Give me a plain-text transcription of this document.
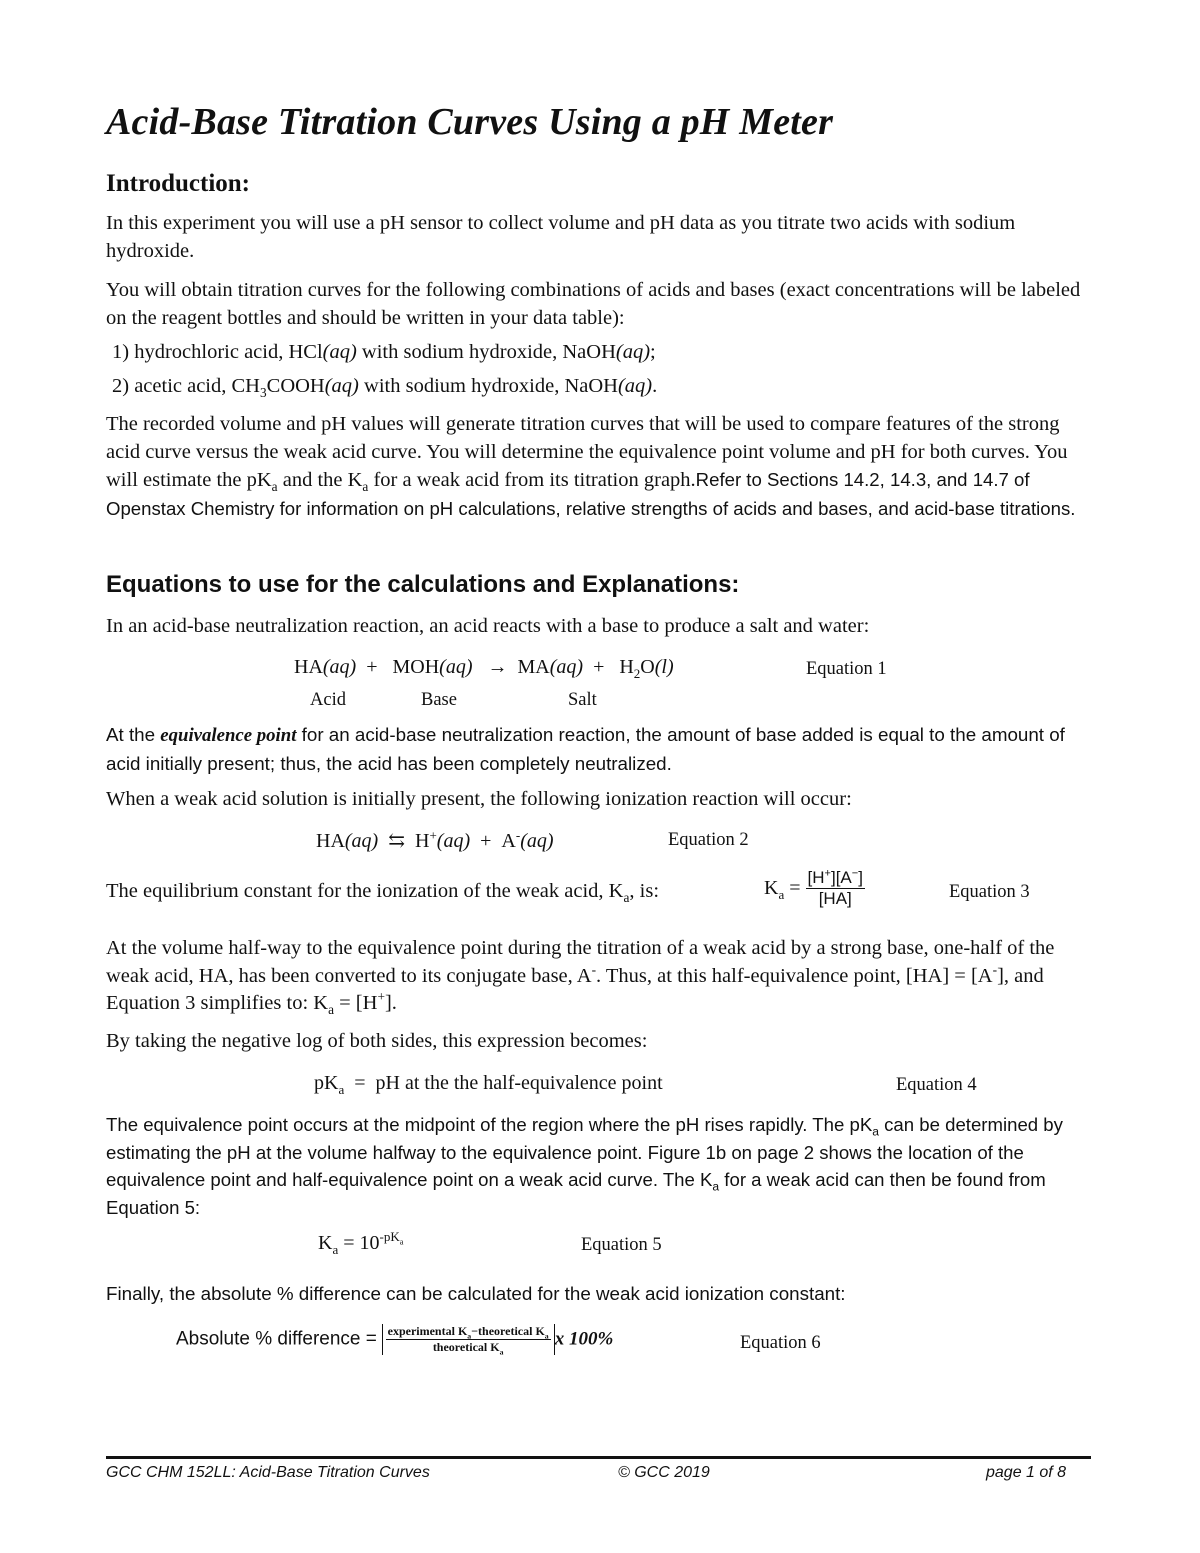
Acid-Base Titration Curves Using a pH Meter
Introduction:
In this experiment you will use a pH sensor to collect volume and pH data as you titrate two acids with sodium hydroxide.
You will obtain titration curves for the following combinations of acids and bases (exact concentrations will be labeled on the reagent bottles and should be written in your data table):
1) hydrochloric acid, HCl(aq) with sodium hydroxide, NaOH(aq);
2) acetic acid, $CH_3COOH(aq)$ with sodium hydroxide, NaOH(aq).
The recorded volume and pH values will generate titration curves that will be used to compare features of the strong acid curve versus the weak acid curve. You will determine the equivalence point volume and pH for both curves. You will estimate the $pK_a$ and the $K_a$ for a weak acid from its titration graph.Refer to Sections 14.2, 14.3, and 14.7 of Openstax Chemistry for information on pH calculations, relative strengths of acids and bases, and acid-base titrations.
Equations to use for the calculations and Explanations:
In an acid-base neutralization reaction, an acid reacts with a base to produce a salt and water:
$HA(aq) + MOH(aq) \to MA(aq) + H_2O(l)$	Equation 1
Acid	Base	Salt
At the equivalence point for an acid-base neutralization reaction, the amount of base added is equal to the amount of acid initially present; thus, the acid has been completely neutralized.
When a weak acid solution is initially present, the following ionization reaction will occur:
HA(aq) ⇆ H+(aq) + A-(aq)	Equation 2
The equilibrium constant for the ionization of the weak acid, $K_a$, is:	$K_a = \frac{[H^+][A^-]}{[HA]}$	Equation 3
At the volume half-way to the equivalence point during the titration of a weak acid by a strong base, one-half of the weak acid, HA, has been converted to its conjugate base, A-. Thus, at this half-equivalence point, [HA] = [A-], and Equation 3 simplifies to: $K_a = [H^+]$.
By taking the negative log of both sides, this expression becomes:
$pK_a$ = pH at the the half-equivalence point	Equation 4
The equivalence point occurs at the midpoint of the region where the pH rises rapidly. The $pK_a$ can be determined by estimating the pH at the volume halfway to the equivalence point. Figure 1b on page 2 shows the location of the equivalence point and half-equivalence point on a weak acid curve. The $K_a$ for a weak acid can then be found from Equation 5:
$K_a = 10^{-pK_a}$	Equation 5
Finally, the absolute % difference can be calculated for the weak acid ionization constant:
Absolute % difference = $\frac{experimental K_a-theoretical K_a}{theoretical K_a}$ x 100%	Equation 6
GCC CHM 152LL: Acid-Base Titration Curves	© GCC 2019	page 1 of 8
